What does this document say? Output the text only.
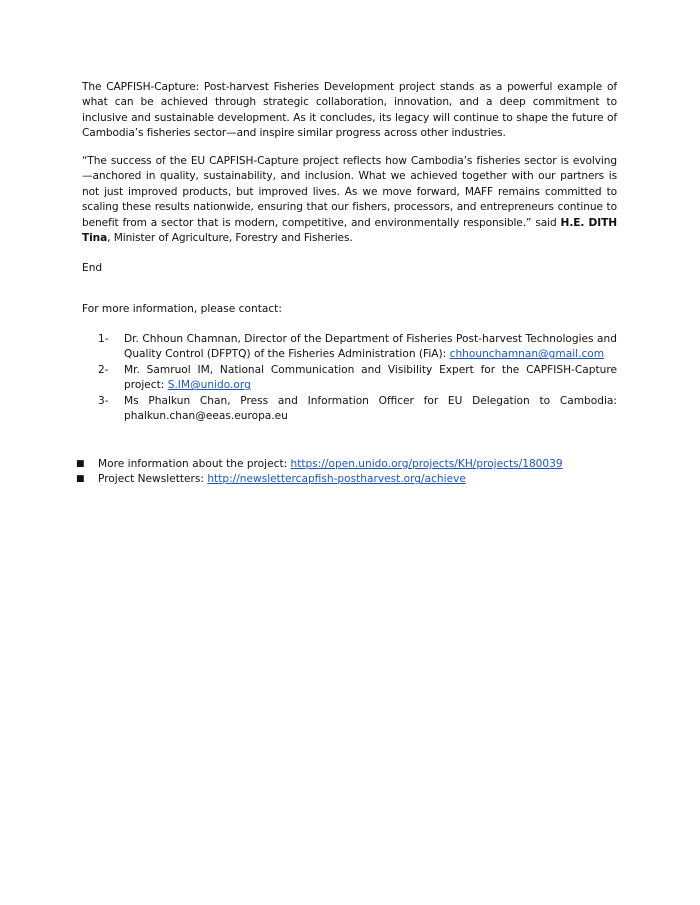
The CAPFISH-Capture: Post-harvest Fisheries Development project stands as a powerful example of what can be achieved through strategic collaboration, innovation, and a deep commitment to inclusive and sustainable development. As it concludes, its legacy will continue to shape the future of Cambodia’s fisheries sector—and inspire similar progress across other industries.

“The success of the EU CAPFISH-Capture project reflects how Cambodia’s fisheries sector is evolving—anchored in quality, sustainability, and inclusion. What we achieved together with our partners is not just improved products, but improved lives. As we move forward, MAFF remains committed to scaling these results nationwide, ensuring that our fishers, processors, and entrepreneurs continue to benefit from a sector that is modern, competitive, and environmentally responsible.” said H.E. DITH Tina, Minister of Agriculture, Forestry and Fisheries.

End
For more information, please contact:
1- Dr. Chhoun Chamnan, Director of the Department of Fisheries Post-harvest Technologies and Quality Control (DFPTQ) of the Fisheries Administration (FiA): chhounchamnan@gmail.com
2- Mr. Samruol IM, National Communication and Visibility Expert for the CAPFISH-Capture project: S.IM@unido.org
3- Ms Phalkun Chan, Press and Information Officer for EU Delegation to Cambodia: phalkun.chan@eeas.europa.eu
■ More information about the project: https://open.unido.org/projects/KH/projects/180039
■ Project Newsletters: http://newslettercapfish-postharvest.org/achieve
